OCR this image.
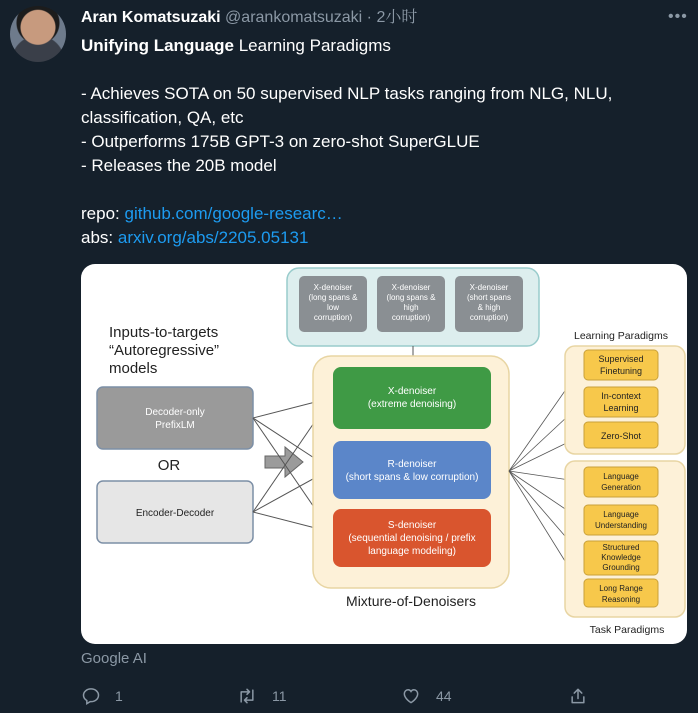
Aran Komatsuzaki @arankomatsuzaki · 2小时	•••
Unifying Language Learning Paradigms
- Achieves SOTA on 50 supervised NLP tasks ranging from NLG, NLU,
classification, QA, etc
- Outperforms 175B GPT-3 on zero-shot SuperGLUE
- Releases the 20B model
repo: github.com/google-researc…
abs: arxiv.org/abs/2205.05131
Inputs-to-targets
“Autoregressive”
models
Decoder-only
PrefixLM
OR
Encoder-Decoder
X-denoiser
(long spans &
low
corruption)
X-denoiser
(long spans &
high
corruption)
X-denoiser
(short spans
& high
corruption)
X-denoiser
(extreme denoising)
R-denoiser
(short spans & low corruption)
S-denoiser
(sequential denoising / prefix
language modeling)
Mixture-of-Denoisers
Learning Paradigms
Supervised
Finetuning
In-context
Learning
Zero-Shot
Language
Generation
Language
Understanding
Structured
Knowledge
Grounding
Long Range
Reasoning
Task Paradigms
Google AI
1	11	44
